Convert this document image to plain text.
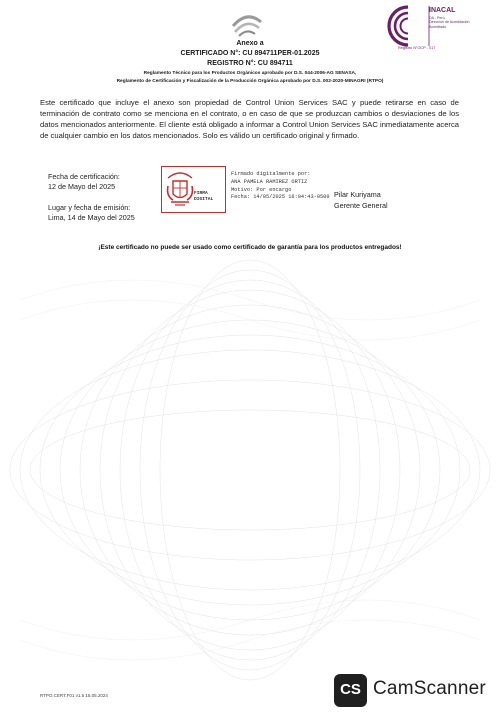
INACAL
DA - Perú
Dirección de Acreditación
Acreditado
Registro N°OCP - 017
Anexo a
CERTIFICADO N°: CU 894711PER-01.2025
REGISTRO N°: CU 894711
Reglamento Técnico para los Productos Orgánicos aprobado por D.S. 044-2006-AG SENASA,
Reglamento de Certificación y Fiscalización de la Producción Orgánica aprobado por D.S. 002-2020-MINAGRI (RTPO)
Este certificado que incluye el anexo son propiedad de Control Union Services SAC y puede retirarse en caso de terminación de contrato como se menciona en el contrato, o en caso de que se produzcan cambios o desviaciones de los datos mencionados anteriormente. El cliente está obligado a informar a Control Union Services SAC inmediatamente acerca de cualquier cambio en los datos mencionados. Solo es válido un certificado original y firmado.
Fecha de certificación:
12 de Mayo del 2025
Lugar y fecha de emisión:
Lima, 14 de Mayo del 2025
FIRMA
DIGITAL
Firmado digitalmente por:
ANA PAMELA RAMIREZ ORTIZ
Motivo: Por encargo
Fecha: 14/05/2025 16:04:43-0500 Pilar Kuriyama
Gerente General
¡Este certificado no puede ser usado como certificado de garantía para los productos entregados!
RTPO.CERT.F01 v1.5 15.05.2024	CS CamScanner
